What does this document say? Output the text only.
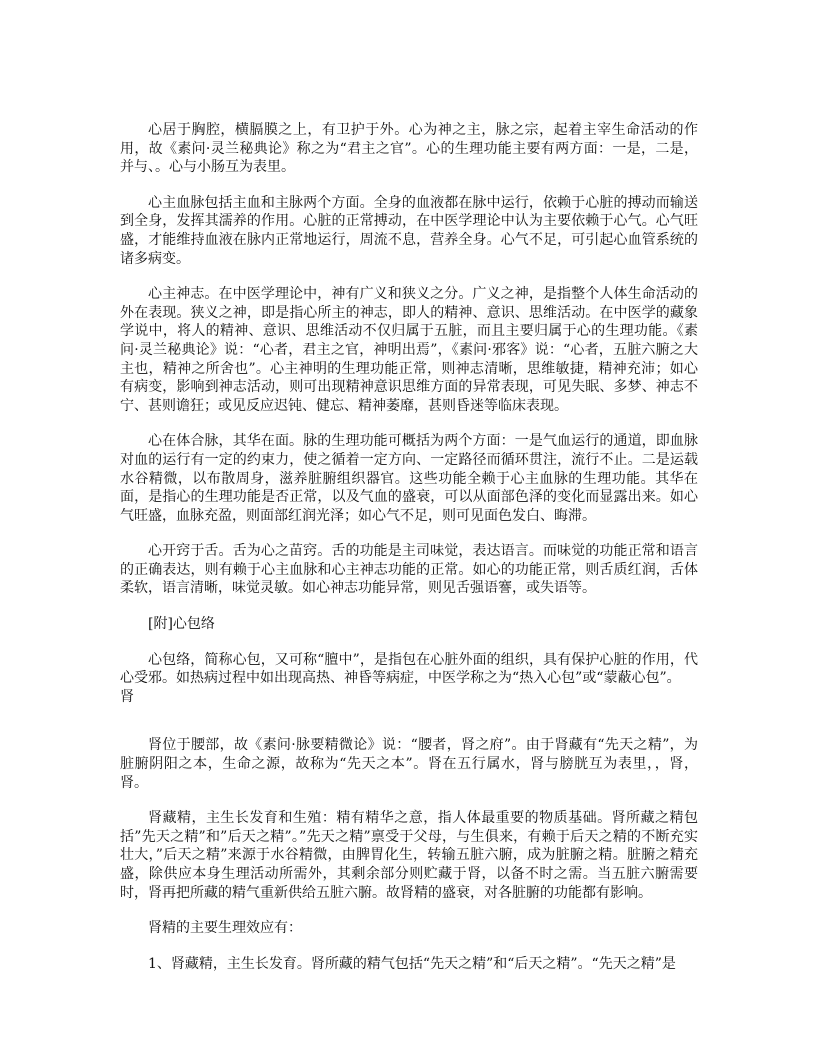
心居于胸腔，横膈膜之上，有卫护于外。心为神之主，脉之宗，起着主宰生命活动的作用，故《素问·灵兰秘典论》称之为“君主之官”。心的生理功能主要有两方面：一是，二是，并与、。心与小肠互为表里。

心主血脉包括主血和主脉两个方面。全身的血液都在脉中运行，依赖于心脏的搏动而输送到全身，发挥其濡养的作用。心脏的正常搏动，在中医学理论中认为主要依赖于心气。心气旺盛，才能维持血液在脉内正常地运行，周流不息，营养全身。心气不足，可引起心血管系统的诸多病变。

心主神志。在中医学理论中，神有广义和狭义之分。广义之神，是指整个人体生命活动的外在表现。狭义之神，即是指心所主的神志，即人的精神、意识、思维活动。在中医学的藏象学说中，将人的精神、意识、思维活动不仅归属于五脏，而且主要归属于心的生理功能。《素问·灵兰秘典论》说：“心者，君主之官，神明出焉”，《素问·邪客》说：“心者，五脏六腑之大主也，精神之所舍也”。心主神明的生理功能正常，则神志清晰，思维敏捷，精神充沛；如心有病变，影响到神志活动，则可出现精神意识思维方面的异常表现，可见失眠、多梦、神志不宁、甚则谵狂；或见反应迟钝、健忘、精神萎靡，甚则昏迷等临床表现。

心在体合脉，其华在面。脉的生理功能可概括为两个方面：一是气血运行的通道，即血脉对血的运行有一定的约束力，使之循着一定方向、一定路径而循环贯注，流行不止。二是运载水谷精微，以布散周身，滋养脏腑组织器官。这些功能全赖于心主血脉的生理功能。其华在面，是指心的生理功能是否正常，以及气血的盛衰，可以从面部色泽的变化而显露出来。如心气旺盛，血脉充盈，则面部红润光泽；如心气不足，则可见面色发白、晦滞。

心开窍于舌。舌为心之苗窍。舌的功能是主司味觉，表达语言。而味觉的功能正常和语言的正确表达，则有赖于心主血脉和心主神志功能的正常。如心的功能正常，则舌质红润，舌体柔软，语言清晰，味觉灵敏。如心神志功能异常，则见舌强语謇，或失语等。

[附]心包络

心包络，简称心包，又可称“膻中”，是指包在心脏外面的组织，具有保护心脏的作用，代心受邪。如热病过程中如出现高热、神昏等病症，中医学称之为“热入心包”或“蒙蔽心包”。

肾

肾位于腰部，故《素问·脉要精微论》说：“腰者，肾之府”。由于肾藏有“先天之精”，为脏腑阴阳之本，生命之源，故称为“先天之本”。肾在五行属水，肾与膀胱互为表里，，肾，肾。

肾藏精，主生长发育和生殖：精有精华之意，指人体最重要的物质基础。肾所藏之精包括”先天之精”和”后天之精”。”先天之精”禀受于父母，与生俱来，有赖于后天之精的不断充实壮大，”后天之精”来源于水谷精微，由脾胃化生，转输五脏六腑，成为脏腑之精。脏腑之精充盛，除供应本身生理活动所需外，其剩余部分则贮藏于肾，以备不时之需。当五脏六腑需要时，肾再把所藏的精气重新供给五脏六腑。故肾精的盛衰，对各脏腑的功能都有影响。

肾精的主要生理效应有：

1、肾藏精，主生长发育。肾所藏的精气包括“先天之精”和“后天之精”。“先天之精”是
